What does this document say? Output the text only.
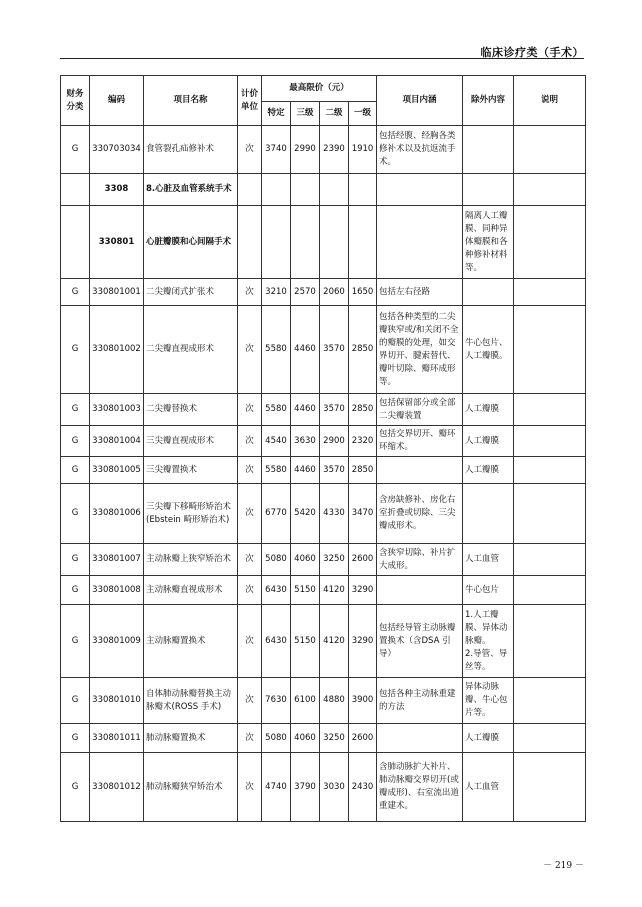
临床诊疗类（手术）
财务
分类	编码	项目名称	计价
单位	最高限价（元）				项目内涵	除外内容	说明
				特定	三级	二级	一级			
G	330703034	食管裂孔疝修补术	次	3740	2990	2390	1910	包括经腹、经胸各类修补术以及抗返流手术。		
	3308	8.心脏及血管系统手术								
	330801	心脏瓣膜和心间隔手术							隔离人工瓣膜、同种异体瓣膜和各种修补材料等。	
G	330801001	二尖瓣闭式扩张术	次	3210	2570	2060	1650	包括左右径路		
G	330801002	二尖瓣直视成形术	次	5580	4460	3570	2850	包括各种类型的二尖瓣狭窄或/和关闭不全的瓣膜的处理，如交界切开、腱索替代、瓣叶切除、瓣环成形等。	牛心包片、人工瓣膜。	
G	330801003	二尖瓣替换术	次	5580	4460	3570	2850	包括保留部分或全部二尖瓣装置	人工瓣膜	
G	330801004	三尖瓣直视成形术	次	4540	3630	2900	2320	包括交界切开、瓣环环缩术。	人工瓣膜	
G	330801005	三尖瓣置换术	次	5580	4460	3570	2850		人工瓣膜	
G	330801006	三尖瓣下移畸形矫治术(Ebstein 畸形矫治术)	次	6770	5420	4330	3470	含房缺修补、房化右室折叠或切除、三尖瓣成形术。		
G	330801007	主动脉瓣上狭窄矫治术	次	5080	4060	3250	2600	含狭窄切除、补片扩大成形。	人工血管	
G	330801008	主动脉瓣直视成形术	次	6430	5150	4120	3290		牛心包片	
G	330801009	主动脉瓣置换术	次	6430	5150	4120	3290	包括经导管主动脉瓣置换术（含DSA 引导）	1.人工瓣膜、异体动脉瓣。
2.导管、导丝等。	
G	330801010	自体肺动脉瓣替换主动脉瓣术(ROSS 手术)	次	7630	6100	4880	3900	包括各种主动脉重建的方法	异体动脉瓣、牛心包片等。	
G	330801011	肺动脉瓣置换术	次	5080	4060	3250	2600		人工瓣膜	
G	330801012	肺动脉瓣狭窄矫治术	次	4740	3790	3030	2430	含肺动脉扩大补片、肺动脉瓣交界切开(或瓣成形)、右室流出道重建术。	人工血管	
－ 219 －
